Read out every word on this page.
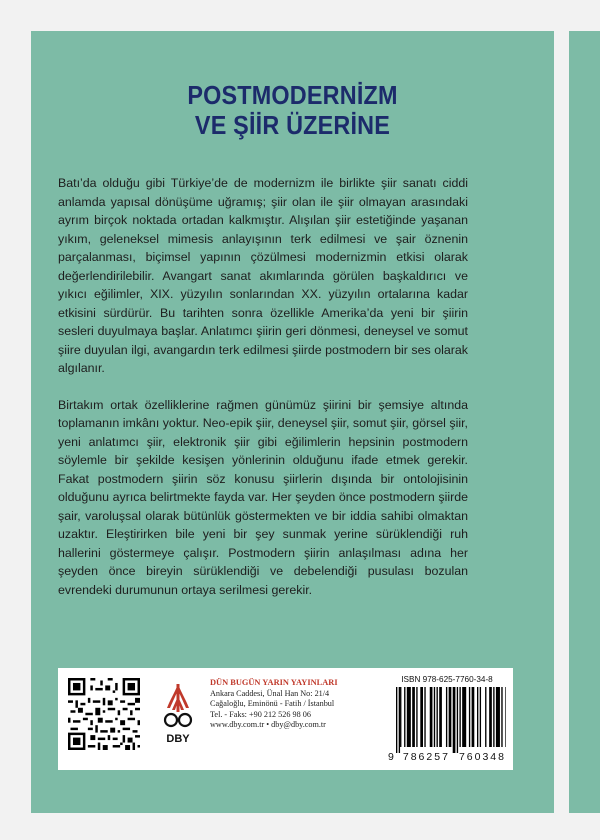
POSTMODERNİZM
VE ŞİİR ÜZERİNE

Batı’da olduğu gibi Türkiye’de de modernizm ile birlikte şiir sanatı ciddi anlamda yapısal dönüşüme uğramış; şiir olan ile şiir olmayan arasındaki ayrım birçok noktada ortadan kalkmıştır. Alışılan şiir estetiğinde yaşanan yıkım, geleneksel mimesis anlayışının terk edilmesi ve şair öznenin parçalanması, biçimsel yapının çözülmesi modernizmin etkisi olarak değerlendirilebilir. Avangart sanat akımlarında görülen başkaldırıcı ve yıkıcı eğilimler, XIX. yüzyılın sonlarından XX. yüzyılın ortalarına kadar etkisini sürdürür. Bu tarihten sonra özellikle Amerika’da yeni bir şiirin sesleri duyulmaya başlar. Anlatımcı şiirin geri dönmesi, deneysel ve somut şiire duyulan ilgi, avangardın terk edilmesi şiirde postmodern bir ses olarak algılanır.

Birtakım ortak özelliklerine rağmen günümüz şiirini bir şemsiye altında toplamanın imkânı yoktur. Neo-epik şiir, deneysel şiir, somut şiir, görsel şiir, yeni anlatımcı şiir, elektronik şiir gibi eğilimlerin hepsinin postmodern söylemle bir şekilde kesişen yönlerinin olduğunu ifade etmek gerekir. Fakat postmodern şiirin söz konusu şiirlerin dışında bir ontolojisinin olduğunu ayrıca belirtmekte fayda var. Her şeyden önce postmodern şiirde şair, varoluşsal olarak bütünlük göstermekten ve bir iddia sahibi olmaktan uzaktır. Eleştirirken bile yeni bir şey sunmak yerine sürüklendiği ruh hallerini göstermeye çalışır. Postmodern şiirin anlaşılması adına her şeyden önce bireyin sürüklendiği ve debelendiği pusulası bozulan evrendeki durumunun ortaya serilmesi gerekir.

DBY
DÜN BUGÜN YARIN YAYINLARI
Ankara Caddesi, Ünal Han No: 21/4
Cağaloğlu, Eminönü - Fatih / İstanbul
Tel. - Faks: +90 212 526 98 06
www.dby.com.tr • dby@dby.com.tr
ISBN 978-625-7760-34-8
9 786257 760348
